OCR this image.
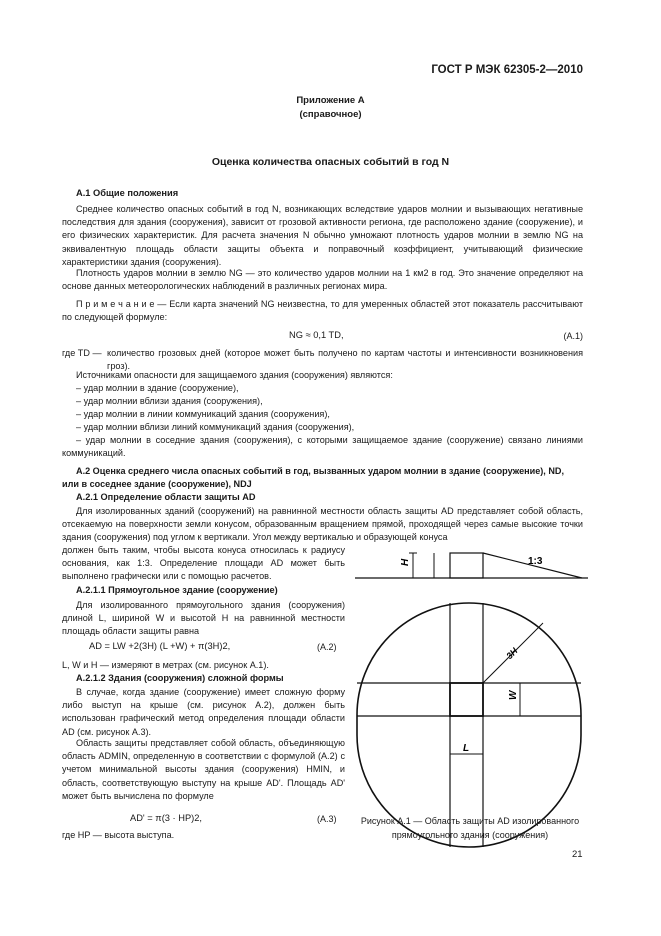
ГОСТ Р МЭК 62305-2—2010
Приложение А
(справочное)
Оценка количества опасных событий в год N
А.1 Общие положения
Среднее количество опасных событий в год N, возникающих вследствие ударов молнии и вызывающих негативные последствия для здания (сооружения), зависит от грозовой активности региона, где расположено здание (сооружение), и его физических характеристик. Для расчета значения N обычно умножают плотность ударов молнии в землю NG на эквивалентную площадь области защиты объекта и поправочный коэффициент, учитывающий физические характеристики здания (сооружения).
Плотность ударов молнии в землю NG — это количество ударов молнии на 1 км2 в год. Это значение определяют на основе данных метеорологических наблюдений в различных регионах мира.
П р и м е ч а н и е — Если карта значений NG неизвестна, то для умеренных областей этот показатель рассчитывают по следующей формуле:
NG ≈ 0,1 TD,	(А.1)
где TD — количество грозовых дней (которое может быть получено по картам частоты и интенсивности возникновения гроз).
Источниками опасности для защищаемого здания (сооружения) являются:
– удар молнии в здание (сооружение),
– удар молнии вблизи здания (сооружения),
– удар молнии в линии коммуникаций здания (сооружения),
– удар молнии вблизи линий коммуникаций здания (сооружения),
– удар молнии в соседние здания (сооружения), с которыми защищаемое здание (сооружение) связано линиями коммуникаций.
А.2 Оценка среднего числа опасных событий в год, вызванных ударом молнии в здание (сооружение), ND, или в соседнее здание (сооружение), NDJ
А.2.1 Определение области защиты AD
Для изолированных зданий (сооружений) на равнинной местности область защиты AD представляет собой область, отсекаемую на поверхности земли конусом, образованным вращением прямой, проходящей через самые высокие точки здания (сооружения) под углом к вертикали. Угол между вертикалью и образующей конуса
должен быть таким, чтобы высота конуса относилась к радиусу основания, как 1:3. Определение площади AD может быть выполнено графически или с помощью расчетов.
А.2.1.1 Прямоугольное здание (сооружение)
Для изолированного прямоугольного здания (сооружения) длиной L, шириной W и высотой H на равнинной местности площадь области защиты равна
AD = LW +2(3H) (L +W) + π(3H)2,	(А.2)
L, W и H — измеряют в метрах (см. рисунок А.1).
А.2.1.2 Здания (сооружения) сложной формы
В случае, когда здание (сооружение) имеет сложную форму либо выступ на крыше (см. рисунок А.2), должен быть использован графический метод определения площади области AD (см. рисунок А.3).
Область защиты представляет собой область, объединяющую область ADMIN, определенную в соответствии с формулой (А.2) с учетом минимальной высоты здания (сооружения) HMIN, и область, соответствующую выступу на крыше AD'. Площадь AD' может быть вычислена по формуле
AD' = π(3 · HP)2,	(А.3)
где HP — высота выступа.
H	1:3
3H
W
L
Рисунок А.1 — Область защиты AD изолированного прямоугольного здания (сооружения)
21
